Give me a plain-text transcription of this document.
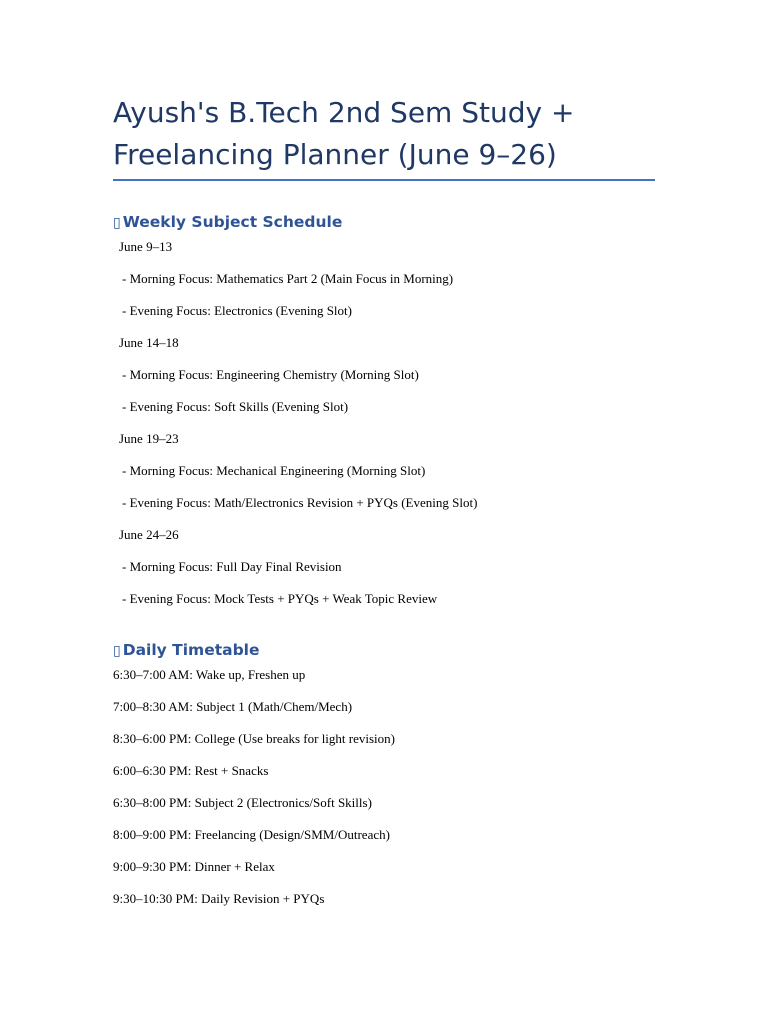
Ayush's B.Tech 2nd Sem Study + Freelancing Planner (June 9–26)
▯ Weekly Subject Schedule
June 9–13
- Morning Focus: Mathematics Part 2 (Main Focus in Morning)
- Evening Focus: Electronics (Evening Slot)
June 14–18
- Morning Focus: Engineering Chemistry (Morning Slot)
- Evening Focus: Soft Skills (Evening Slot)
June 19–23
- Morning Focus: Mechanical Engineering (Morning Slot)
- Evening Focus: Math/Electronics Revision + PYQs (Evening Slot)
June 24–26
- Morning Focus: Full Day Final Revision
- Evening Focus: Mock Tests + PYQs + Weak Topic Review
▯ Daily Timetable
6:30–7:00 AM: Wake up, Freshen up
7:00–8:30 AM: Subject 1 (Math/Chem/Mech)
8:30–6:00 PM: College (Use breaks for light revision)
6:00–6:30 PM: Rest + Snacks
6:30–8:00 PM: Subject 2 (Electronics/Soft Skills)
8:00–9:00 PM: Freelancing (Design/SMM/Outreach)
9:00–9:30 PM: Dinner + Relax
9:30–10:30 PM: Daily Revision + PYQs
